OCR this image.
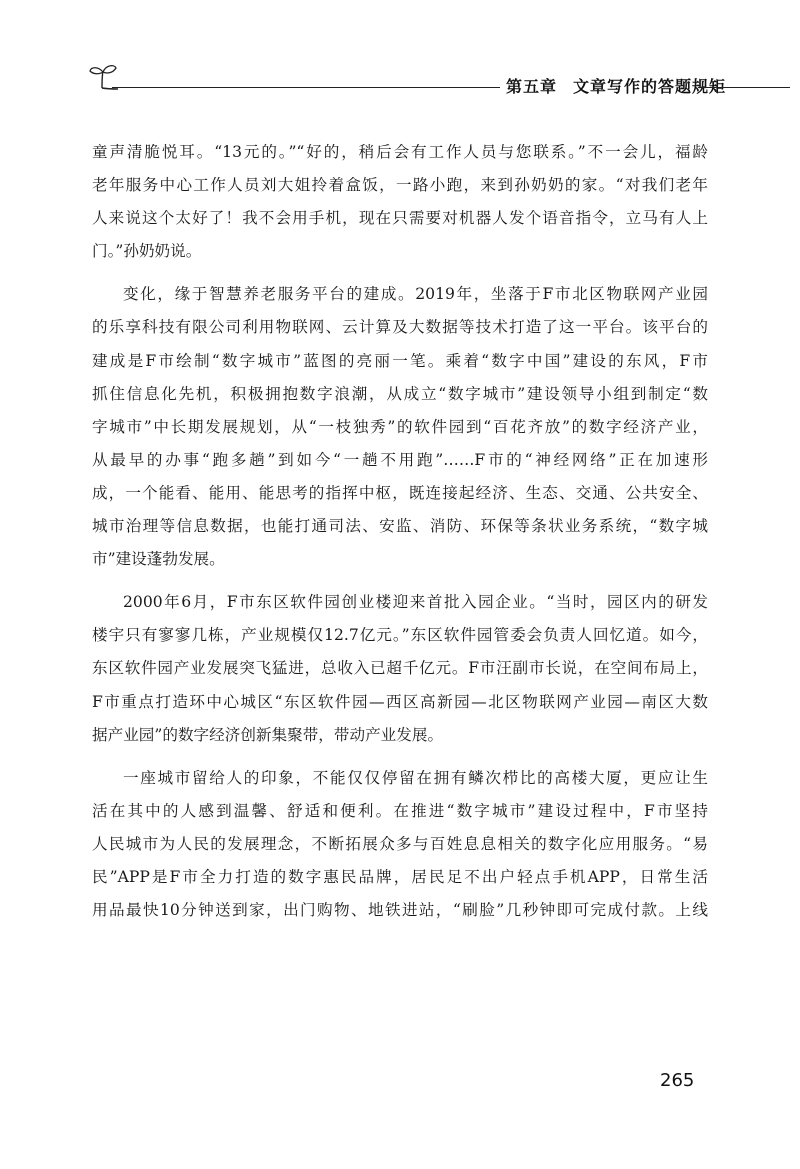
第五章 文章写作的答题规矩
童声清脆悦耳。“13元的。”“好的，稍后会有工作人员与您联系。”不一会儿，福龄
老年服务中心工作人员刘大姐拎着盒饭，一路小跑，来到孙奶奶的家。“对我们老年
人来说这个太好了！我不会用手机，现在只需要对机器人发个语音指令，立马有人上
门。”孙奶奶说。
变化，缘于智慧养老服务平台的建成。2019年，坐落于F市北区物联网产业园
的乐享科技有限公司利用物联网、云计算及大数据等技术打造了这一平台。该平台的
建成是F市绘制“数字城市”蓝图的亮丽一笔。乘着“数字中国”建设的东风，F市
抓住信息化先机，积极拥抱数字浪潮，从成立“数字城市”建设领导小组到制定“数
字城市”中长期发展规划，从“一枝独秀”的软件园到“百花齐放”的数字经济产业，
从最早的办事“跑多趟”到如今“一趟不用跑”……F市的“神经网络”正在加速形
成，一个能看、能用、能思考的指挥中枢，既连接起经济、生态、交通、公共安全、
城市治理等信息数据，也能打通司法、安监、消防、环保等条状业务系统，“数字城
市”建设蓬勃发展。
2000年6月，F市东区软件园创业楼迎来首批入园企业。“当时，园区内的研发
楼宇只有寥寥几栋，产业规模仅12.7亿元。”东区软件园管委会负责人回忆道。如今，
东区软件园产业发展突飞猛进，总收入已超千亿元。F市汪副市长说，在空间布局上，
F市重点打造环中心城区“东区软件园—西区高新园—北区物联网产业园—南区大数
据产业园”的数字经济创新集聚带，带动产业发展。
一座城市留给人的印象，不能仅仅停留在拥有鳞次栉比的高楼大厦，更应让生
活在其中的人感到温馨、舒适和便利。在推进“数字城市”建设过程中，F市坚持
人民城市为人民的发展理念，不断拓展众多与百姓息息相关的数字化应用服务。“易
民”APP是F市全力打造的数字惠民品牌，居民足不出户轻点手机APP，日常生活
用品最快10分钟送到家，出门购物、地铁进站，“刷脸”几秒钟即可完成付款。上线
265
